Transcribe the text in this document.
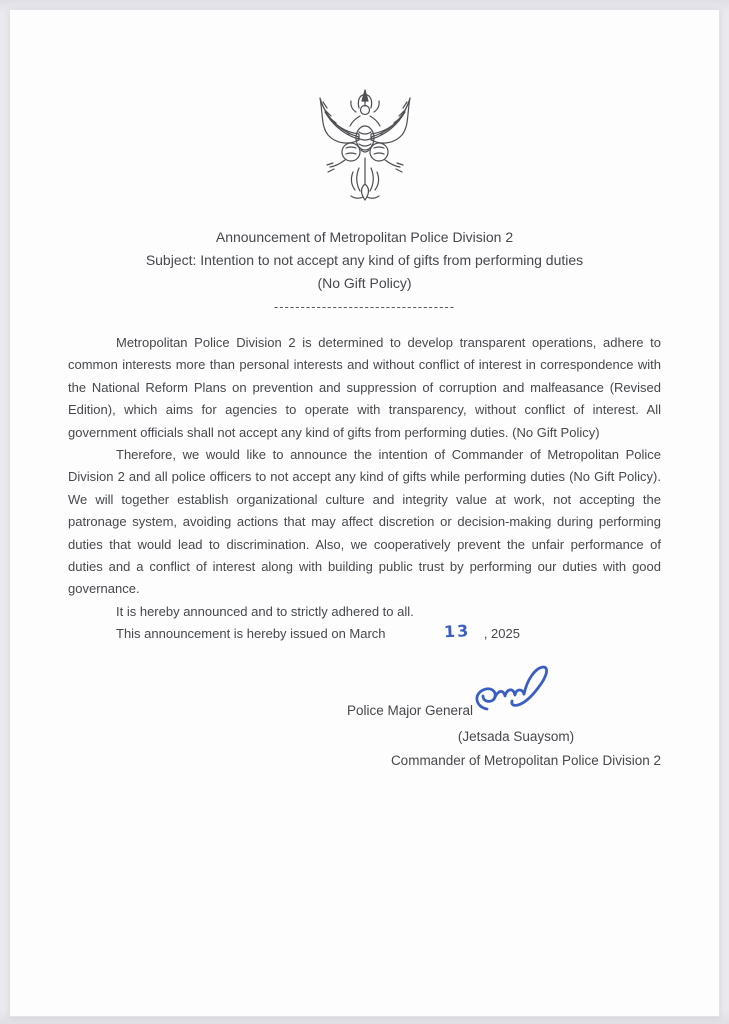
Announcement of Metropolitan Police Division 2
Subject: Intention to not accept any kind of gifts from performing duties
(No Gift Policy)
----------------------------------

Metropolitan Police Division 2 is determined to develop transparent operations, adhere to common interests more than personal interests and without conflict of interest in correspondence with the National Reform Plans on prevention and suppression of corruption and malfeasance (Revised Edition), which aims for agencies to operate with transparency, without conflict of interest. All government officials shall not accept any kind of gifts from performing duties. (No Gift Policy)

Therefore, we would like to announce the intention of Commander of Metropolitan Police Division 2 and all police officers to not accept any kind of gifts while performing duties (No Gift Policy). We will together establish organizational culture and integrity value at work, not accepting the patronage system, avoiding actions that may affect discretion or decision-making during performing duties that would lead to discrimination. Also, we cooperatively prevent the unfair performance of duties and a conflict of interest along with building public trust by performing our duties with good governance.

It is hereby announced and to strictly adhered to all.

This announcement is hereby issued on March	13 , 2025

Police Major General
(Jetsada Suaysom)
Commander of Metropolitan Police Division 2
